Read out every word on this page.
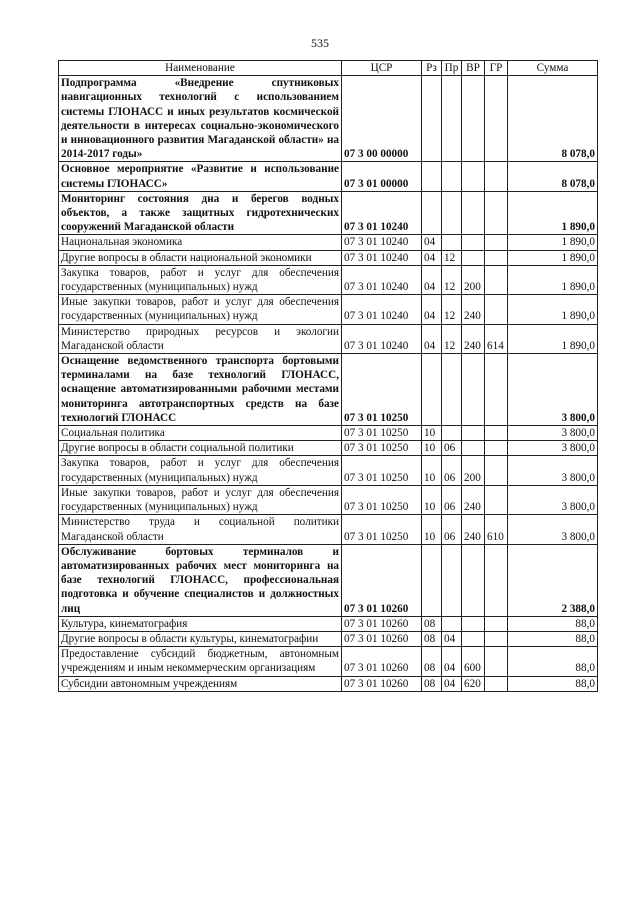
535
Наименование	ЦСР	Рз	Пр	ВР	ГР	Сумма
Подпрограмма «Внедрение спутниковых навигационных технологий с использованием системы ГЛОНАСС и иных результатов космической деятельности в интересах социально-экономического и инновационного развития Магаданской области» на 2014-2017 годы»	07 3 00 00000					8 078,0
Основное мероприятие «Развитие и использование системы ГЛОНАСС»	07 3 01 00000					8 078,0
Мониторинг состояния дна и берегов водных объектов, а также защитных гидротехнических сооружений Магаданской области	07 3 01 10240					1 890,0
Национальная экономика	07 3 01 10240	04				1 890,0
Другие вопросы в области национальной экономики	07 3 01 10240	04	12			1 890,0
Закупка товаров, работ и услуг для обеспечения государственных (муниципальных) нужд	07 3 01 10240	04	12	200		1 890,0
Иные закупки товаров, работ и услуг для обеспечения государственных (муниципальных) нужд	07 3 01 10240	04	12	240		1 890,0
Министерство природных ресурсов и экологии Магаданской области	07 3 01 10240	04	12	240	614	1 890,0
Оснащение ведомственного транспорта бортовыми терминалами на базе технологий ГЛОНАСС, оснащение автоматизированными рабочими местами мониторинга автотранспортных средств на базе технологий ГЛОНАСС	07 3 01 10250					3 800,0
Социальная политика	07 3 01 10250	10				3 800,0
Другие вопросы в области социальной политики	07 3 01 10250	10	06			3 800,0
Закупка товаров, работ и услуг для обеспечения государственных (муниципальных) нужд	07 3 01 10250	10	06	200		3 800,0
Иные закупки товаров, работ и услуг для обеспечения государственных (муниципальных) нужд	07 3 01 10250	10	06	240		3 800,0
Министерство труда и социальной политики Магаданской области	07 3 01 10250	10	06	240	610	3 800,0
Обслуживание бортовых терминалов и автоматизированных рабочих мест мониторинга на базе технологий ГЛОНАСС, профессиональная подготовка и обучение специалистов и должностных лиц	07 3 01 10260					2 388,0
Культура, кинематография	07 3 01 10260	08				88,0
Другие вопросы в области культуры, кинематографии	07 3 01 10260	08	04			88,0
Предоставление субсидий бюджетным, автономным учреждениям и иным некоммерческим организациям	07 3 01 10260	08	04	600		88,0
Субсидии автономным учреждениям	07 3 01 10260	08	04	620		88,0
